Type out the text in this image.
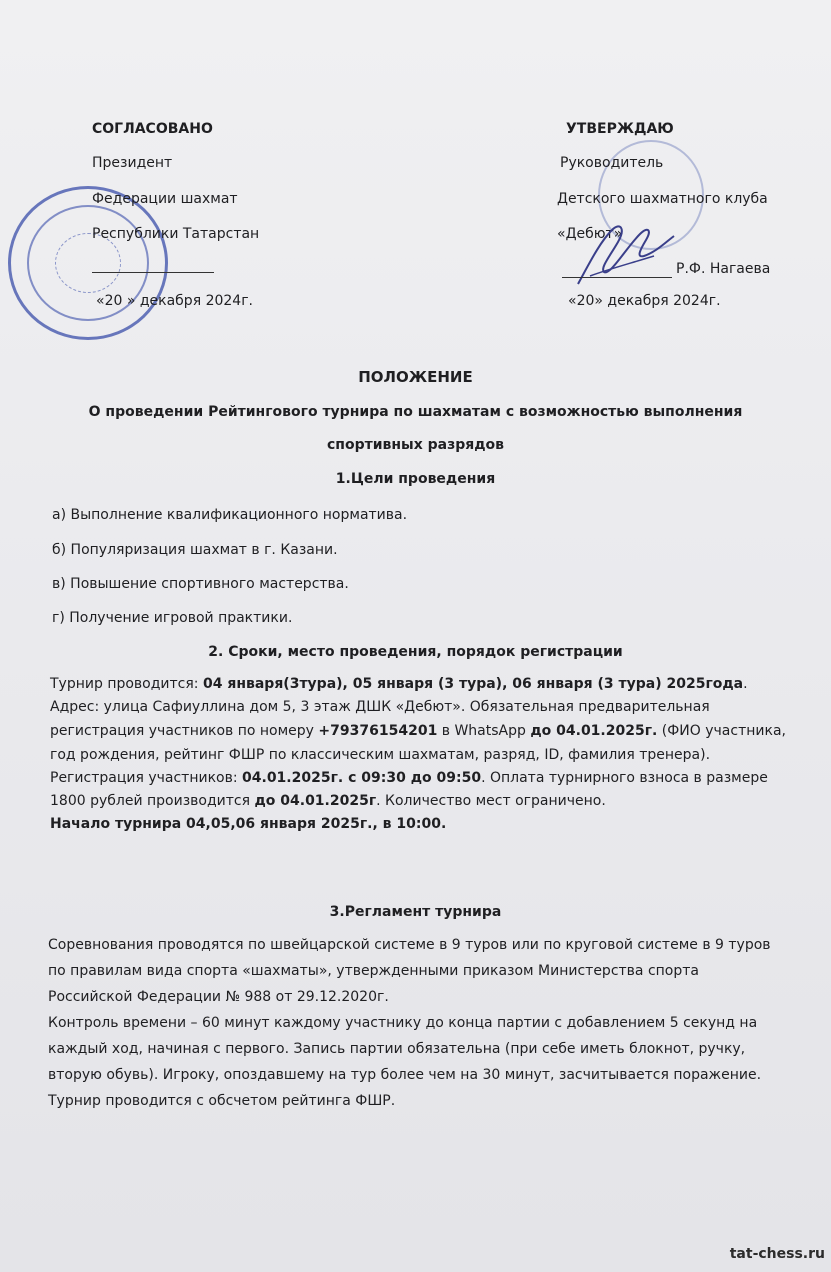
СОГЛАСОВАНО
Президент
Федерации шахмат
Республики Татарстан
«20 » декабря 2024г.
УТВЕРЖДАЮ
Руководитель
Детского шахматного клуба
«Дебют»
Р.Ф. Нагаева
«20» декабря 2024г.
ПОЛОЖЕНИЕ
О проведении Рейтингового турнира по шахматам с возможностью выполнения
спортивных разрядов
1.Цели проведения
а) Выполнение квалификационного норматива.
б) Популяризация шахмат в г. Казани.
в) Повышение спортивного мастерства.
г) Получение игровой практики.
2. Сроки, место проведения, порядок регистрации
Турнир проводится: 04 января(3тура), 05 января (3 тура), 06 января (3 тура) 2025года.
Адрес: улица Сафиуллина дом 5, 3 этаж ДШК «Дебют». Обязательная предварительная
регистрация участников по номеру +79376154201 в WhatsApp до 04.01.2025г. (ФИО участника,
год рождения, рейтинг ФШР по классическим шахматам, разряд, ID, фамилия тренера).
Регистрация участников: 04.01.2025г. с 09:30 до 09:50. Оплата турнирного взноса в размере
1800 рублей производится до 04.01.2025г. Количество мест ограничено.
Начало турнира 04,05,06 января 2025г., в 10:00.
3.Регламент турнира
Соревнования проводятся по швейцарской системе в 9 туров или по круговой системе в 9 туров
по правилам вида спорта «шахматы», утвержденными приказом Министерства спорта
Российской Федерации № 988 от 29.12.2020г.
Контроль времени – 60 минут каждому участнику до конца партии с добавлением 5 секунд на
каждый ход, начиная с первого. Запись партии обязательна (при себе иметь блокнот, ручку,
вторую обувь). Игроку, опоздавшему на тур более чем на 30 минут, засчитывается поражение.
Турнир проводится с обсчетом рейтинга ФШР.
tat-chess.ru
